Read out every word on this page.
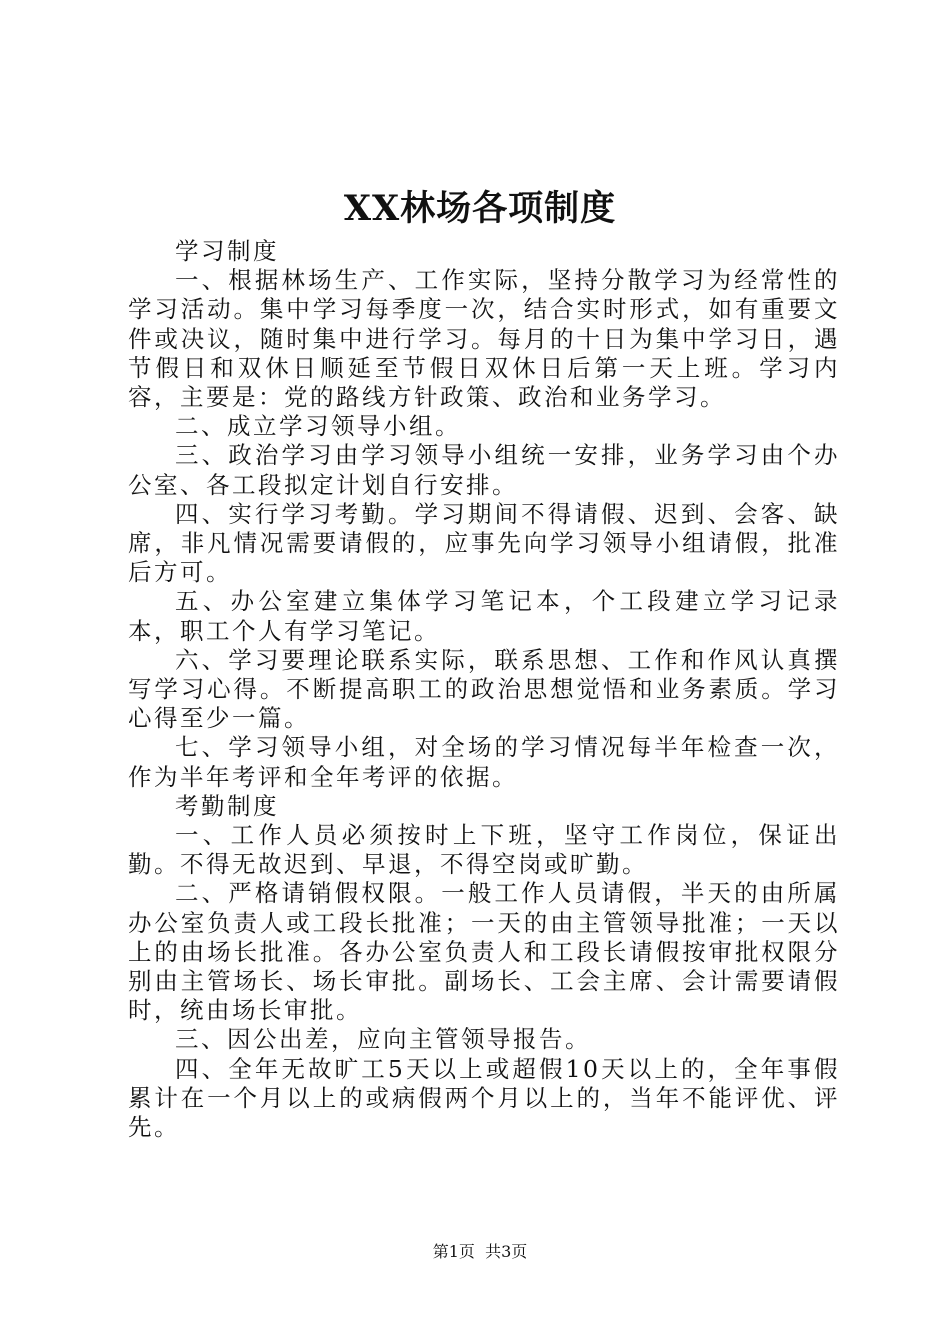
XX林场各项制度

学习制度

一、根据林场生产、工作实际，坚持分散学习为经常性的学习活动。集中学习每季度一次，结合实时形式，如有重要文件或决议，随时集中进行学习。每月的十日为集中学习日，遇节假日和双休日顺延至节假日双休日后第一天上班。学习内容，主要是：党的路线方针政策、政治和业务学习。

二、成立学习领导小组。

三、政治学习由学习领导小组统一安排，业务学习由个办公室、各工段拟定计划自行安排。

四、实行学习考勤。学习期间不得请假、迟到、会客、缺席，非凡情况需要请假的，应事先向学习领导小组请假，批准后方可。

五、办公室建立集体学习笔记本，个工段建立学习记录本，职工个人有学习笔记。

六、学习要理论联系实际，联系思想、工作和作风认真撰写学习心得。不断提高职工的政治思想觉悟和业务素质。学习心得至少一篇。

七、学习领导小组，对全场的学习情况每半年检查一次，作为半年考评和全年考评的依据。

考勤制度

一、工作人员必须按时上下班，坚守工作岗位，保证出勤。不得无故迟到、早退，不得空岗或旷勤。

二、严格请销假权限。一般工作人员请假，半天的由所属办公室负责人或工段长批准；一天的由主管领导批准；一天以上的由场长批准。各办公室负责人和工段长请假按审批权限分别由主管场长、场长审批。副场长、工会主席、会计需要请假时，统由场长审批。

三、因公出差，应向主管领导报告。

四、全年无故旷工5天以上或超假10天以上的，全年事假累计在一个月以上的或病假两个月以上的，当年不能评优、评先。

第1页 共3页
